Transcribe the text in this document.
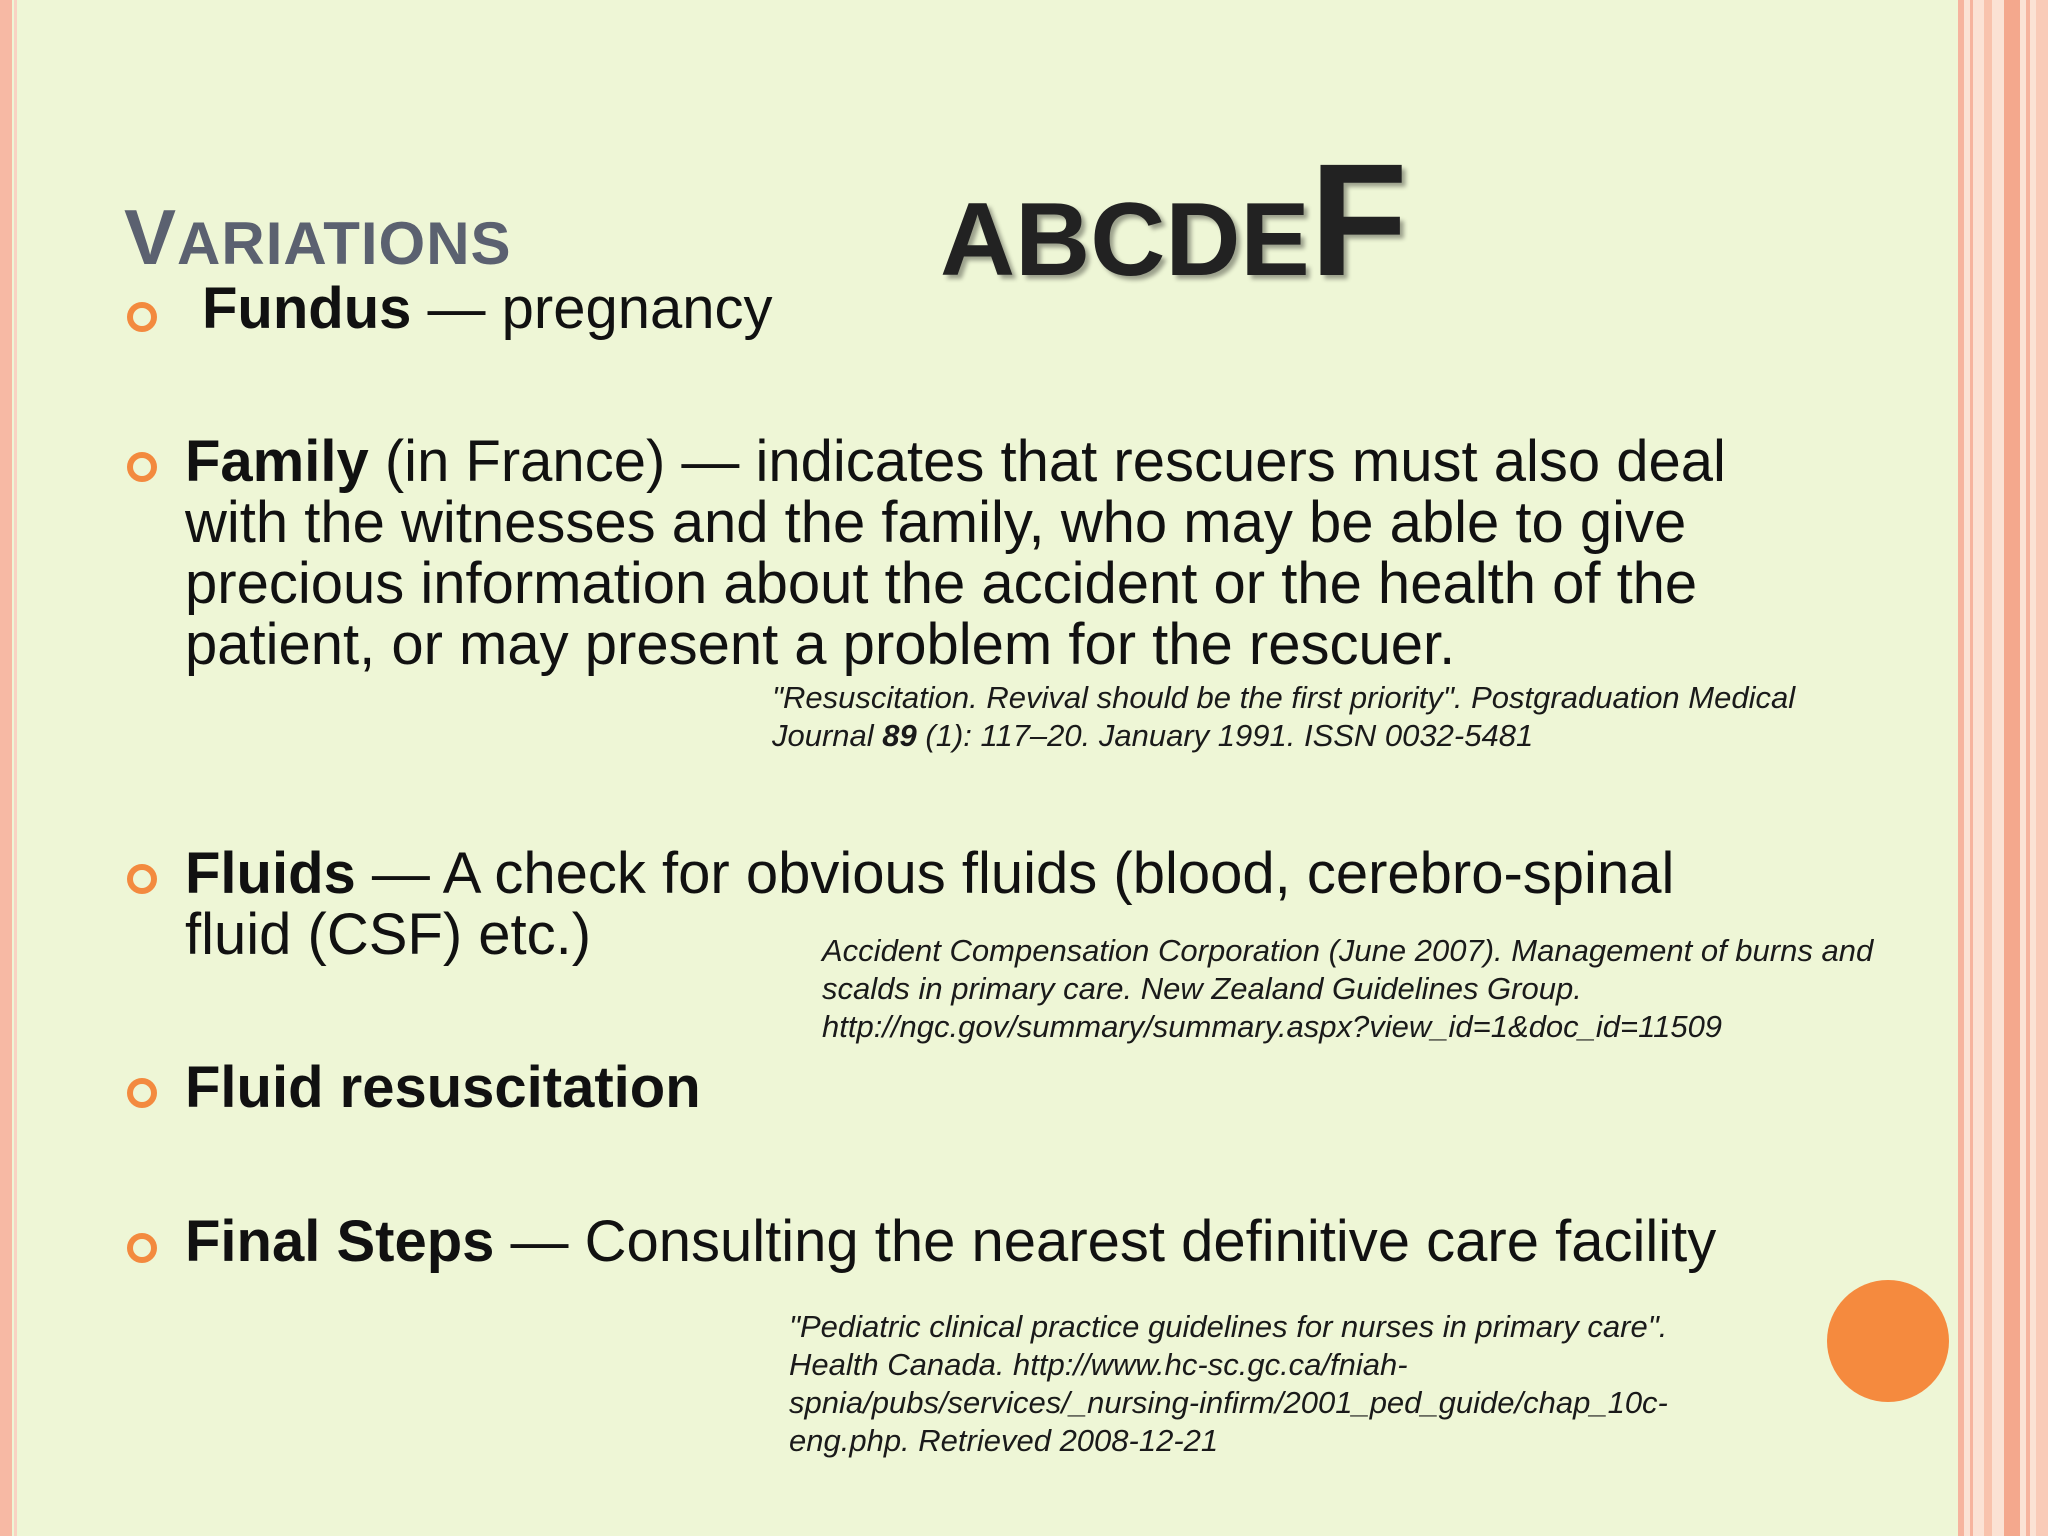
VARIATIONS	ABCDEF
Fundus — pregnancy
Family (in France) — indicates that rescuers must also deal
with the witnesses and the family, who may be able to give
precious information about the accident or the health of the
patient, or may present a problem for the rescuer.
"Resuscitation. Revival should be the first priority". Postgraduation Medical
Journal 89 (1): 117–20. January 1991. ISSN 0032-5481
Fluids — A check for obvious fluids (blood, cerebro-spinal
fluid (CSF) etc.)	Accident Compensation Corporation (June 2007). Management of burns and
scalds in primary care. New Zealand Guidelines Group.
http://ngc.gov/summary/summary.aspx?view_id=1&doc_id=11509
Fluid resuscitation
Final Steps — Consulting the nearest definitive care facility
"Pediatric clinical practice guidelines for nurses in primary care".
Health Canada. http://www.hc-sc.gc.ca/fniah-
spnia/pubs/services/_nursing-infirm/2001_ped_guide/chap_10c-
eng.php. Retrieved 2008-12-21
